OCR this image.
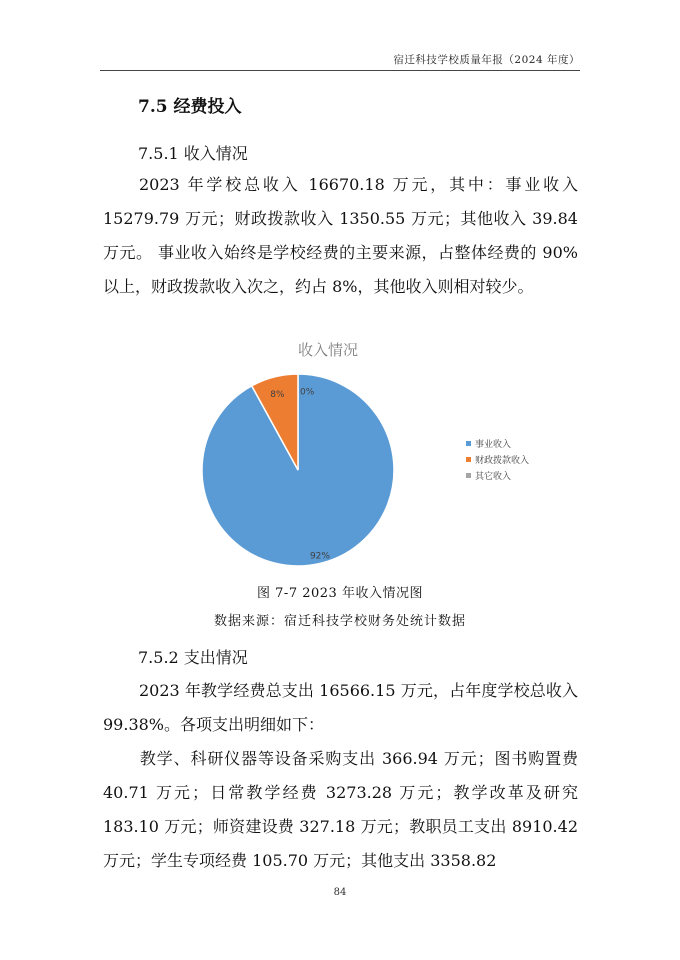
宿迁科技学校质量年报（2024 年度）
7.5 经费投入

7.5.1 收入情况

2023 年学校总收入 16670.18 万元，其中：事业收入 15279.79 万元；财政拨款收入 1350.55 万元；其他收入 39.84 万元。 事业收入始终是学校经费的主要来源，占整体经费的 90%以上，财政拨款收入次之，约占 8%，其他收入则相对较少。

收入情况
92%
8% 0%
事业收入
财政拨款收入
其它收入
图 7-7 2023 年收入情况图
数据来源：宿迁科技学校财务处统计数据

7.5.2 支出情况

2023 年教学经费总支出 16566.15 万元，占年度学校总收入 99.38%。各项支出明细如下：

教学、科研仪器等设备采购支出 366.94 万元；图书购置费 40.71 万元；日常教学经费 3273.28 万元；教学改革及研究 183.10 万元；师资建设费 327.18 万元；教职员工支出 8910.42 万元；学生专项经费 105.70 万元；其他支出 3358.82

84
